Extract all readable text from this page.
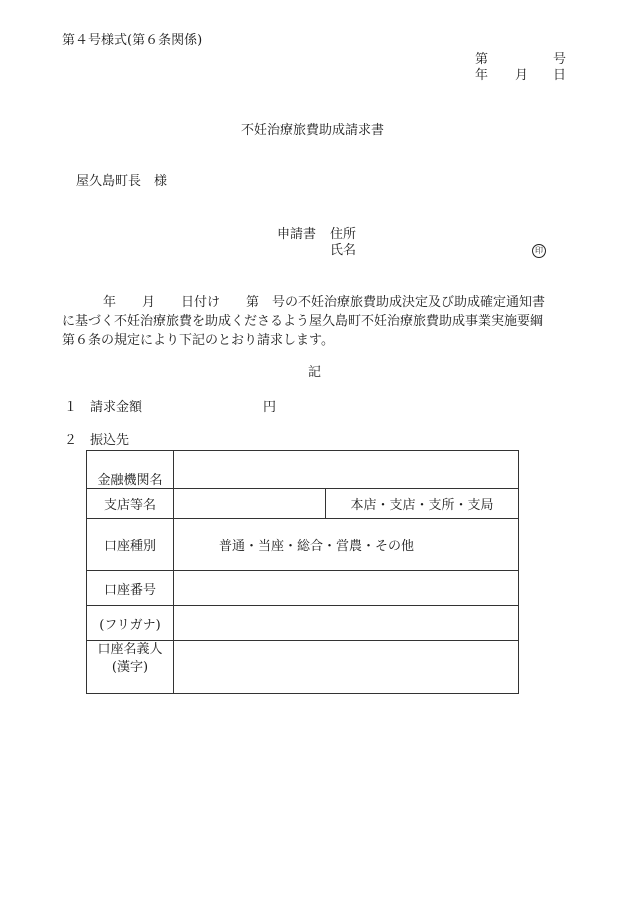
第４号様式(第６条関係)
第	号
年 月 日
不妊治療旅費助成請求書
屋久島町長　様
申請書 住所
氏名	印
年　　月　　日付け　　第　号の不妊治療旅費助成決定及び助成確定通知書
に基づく不妊治療旅費を助成くださるよう屋久島町不妊治療旅費助成事業実施要綱
第６条の規定により下記のとおり請求します。
記
１ 請求金額	円
２ 振込先
金融機関名		
支店等名		本店・支店・支所・支局
口座種別	普通・当座・総合・営農・その他	
口座番号		
(フリガナ)		

口座名義人
(漢字)		
